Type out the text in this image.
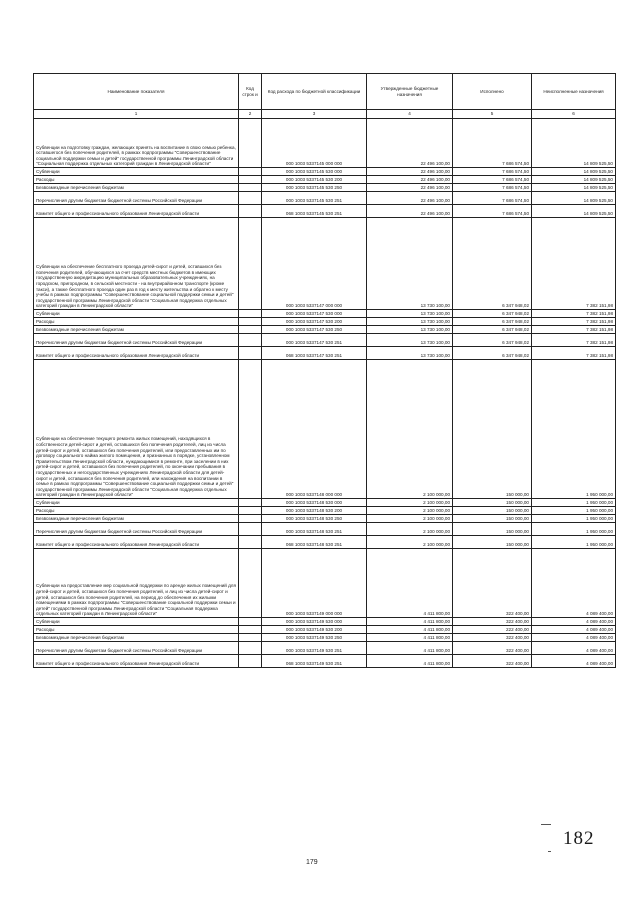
Наименование показателя	Код строк и	Код расхода по бюджетной классификации	Утвержденные бюджетные назначения	Исполнено	Неисполненные назначения
1	2	3	4	5	6
Субвенции на подготовку граждан, желающих принять на воспитание в свою семью ребенка, оставшегося без попечения родителей, в рамках подпрограммы "Совершенствование социальной поддержки семьи и детей" государственной программы Ленинградской области "Социальная поддержка отдельных категорий граждан в Ленинградской области"		000 1003 5337145 000 000	22 496 100,00	7 686 574,50	14 809 525,50
Субвенции		000 1003 5337145 530 000	22 496 100,00	7 686 574,50	14 809 525,50
Расходы		000 1003 5337145 530 200	22 496 100,00	7 686 574,50	14 809 525,50
Безвозмездные перечисления бюджетам		000 1003 5337145 530 250	22 496 100,00	7 686 574,50	14 809 525,50
Перечисления другим бюджетам бюджетной системы Российской Федерации		000 1003 5337145 530 251	22 496 100,00	7 686 574,50	14 809 525,50
Комитет общего и профессионального образования Ленинградской области		068 1003 5337145 530 251	22 496 100,00	7 686 574,50	14 809 525,50
Субвенции на обеспечение бесплатного проезда детей-сирот и детей, оставшихся без попечения родителей, обучающихся за счет средств местных бюджетов в имеющих государственную аккредитацию муниципальных образовательных учреждениях, на городском, пригородном, в сельской местности - на внутрирайонном транспорте (кроме такси), а также бесплатного проезда один раз в год к месту жительства и обратно к месту учебы в рамках подпрограммы "Совершенствование социальной поддержки семьи и детей" государственной программы Ленинградской области "Социальная поддержка отдельных категорий граждан в Ленинградской области"		000 1003 5337147 000 000	13 730 100,00	6 347 948,02	7 382 151,98
Субвенции		000 1003 5337147 530 000	13 730 100,00	6 347 948,02	7 382 151,98
Расходы		000 1003 5337147 530 200	13 730 100,00	6 347 948,02	7 382 151,98
Безвозмездные перечисления бюджетам		000 1003 5337147 530 250	13 730 100,00	6 347 948,02	7 382 151,98
Перечисления другим бюджетам бюджетной системы Российской Федерации		000 1003 5337147 530 251	13 730 100,00	6 347 948,02	7 382 151,98
Комитет общего и профессионального образования Ленинградской области		068 1003 5337147 530 251	13 730 100,00	6 347 948,02	7 382 151,98
Субвенции на обеспечение текущего ремонта жилых помещений, находящихся в собственности детей-сирот и детей, оставшихся без попечения родителей, лиц из числа детей-сирот и детей, оставшихся без попечения родителей, или предоставленных им по договору социального найма жилого помещения, и признанных в порядке, установленном Правительством Ленинградской области, нуждающимися в ремонте, при заселении в них детей-сирот и детей, оставшихся без попечения родителей, по окончании пребывания в государственных и негосударственных учреждениях Ленинградской области для детей-сирот и детей, оставшихся без попечения родителей, или нахождения на воспитании в семье в рамках подпрограммы "Совершенствование социальной поддержки семьи и детей" государственной программы Ленинградской области "Социальная поддержка отдельных категорий граждан в Ленинградской области"		000 1003 5337148 000 000	2 100 000,00	150 000,00	1 950 000,00
Субвенции		000 1003 5337148 530 000	2 100 000,00	150 000,00	1 950 000,00
Расходы		000 1003 5337148 530 200	2 100 000,00	150 000,00	1 950 000,00
Безвозмездные перечисления бюджетам		000 1003 5337148 530 250	2 100 000,00	150 000,00	1 950 000,00
Перечисления другим бюджетам бюджетной системы Российской Федерации		000 1003 5337148 530 251	2 100 000,00	150 000,00	1 950 000,00
Комитет общего и профессионального образования Ленинградской области		068 1003 5337148 530 251	2 100 000,00	150 000,00	1 950 000,00
Субвенции на предоставление мер социальной поддержки по аренде жилых помещений для детей-сирот и детей, оставшихся без попечения родителей, и лиц из числа детей-сирот и детей, оставшихся без попечения родителей, на период до обеспечения их жилыми помещениями в рамках подпрограммы "Совершенствование социальной поддержки семьи и детей" государственной программы Ленинградской области "Социальная поддержка отдельных категорий граждан в Ленинградской области"		000 1003 5337149 000 000	4 411 800,00	322 400,00	4 089 400,00
Субвенции		000 1003 5337149 530 000	4 411 800,00	322 400,00	4 089 400,00
Расходы		000 1003 5337149 530 200	4 411 800,00	222 400,00	4 089 400,00
Безвозмездные перечисления бюджетам		000 1003 5337149 530 250	4 411 800,00	322 400,00	4 089 400,00
Перечисления другим бюджетам бюджетной системы Российской Федерации		000 1003 5337149 530 251	4 411 800,00	322 400,00	4 089 400,00
Комитет общего и профессионального образования Ленинградской области		068 1003 5337149 530 251	4 411 800,00	322 400,00	4 089 400,00
182
179
